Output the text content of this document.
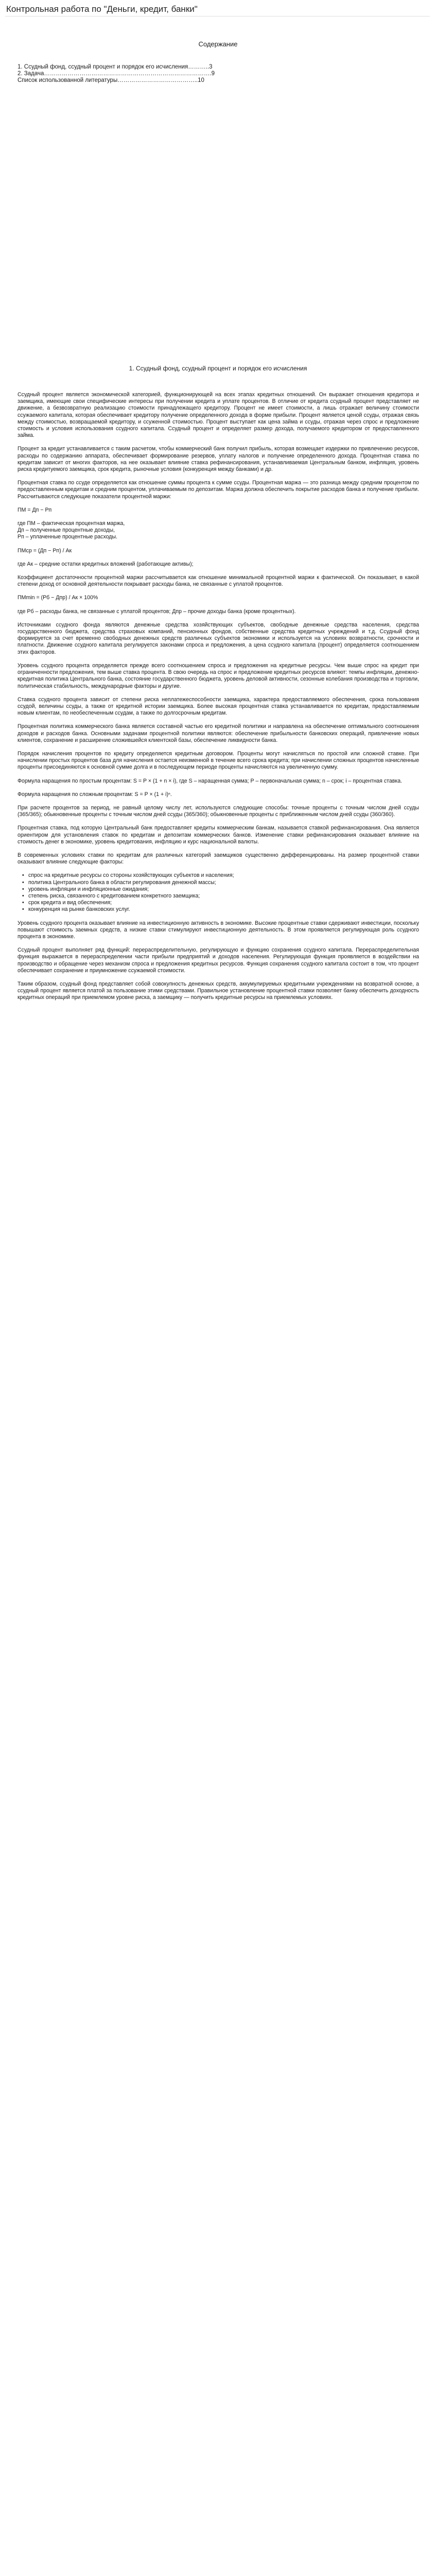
Контрольная работа по "Деньги, кредит, банки"
Содержание

1. Ссудный фонд, ссудный процент и порядок его исчисления………..3

2. Задача………………………………………………………………………….9

Список использованной литературы…………………………………..10

1. Ссудный фонд, ссудный процент и порядок его исчисления

Ссудный процент является экономической категорией, функционирующей на всех этапах кредитных отношений. Он выражает отношения кредитора и заемщика, имеющие свои специфические интересы при получении кредита и уплате процентов. В отличие от кредита ссудный процент представляет не движение, а безвозвратную реализацию стоимости принадлежащего кредитору. Процент не имеет стоимости, а лишь отражает величину стоимости ссужаемого капитала, которая обеспечивает кредитору получение определенного дохода в форме прибыли. Процент является ценой ссуды, отражая связь между стоимостью, возвращаемой кредитору, и ссуженной стоимостью. Процент выступает как цена займа и ссуды, отражая через спрос и предложение стоимость и условия использования ссудного капитала. Ссудный процент и определяет размер дохода, получаемого кредитором от предоставленного займа.

Процент за кредит устанавливается с таким расчетом, чтобы коммерческий банк получил прибыль, которая возмещает издержки по привлечению ресурсов, расходы по содержанию аппарата, обеспечивает формирование резервов, уплату налогов и получение определенного дохода. Процентная ставка по кредитам зависит от многих факторов, на нее оказывает влияние ставка рефинансирования, устанавливаемая Центральным банком, инфляция, уровень риска кредитуемого заемщика, срок кредита, рыночные условия (конкуренция между банками) и др.

Процентная ставка по ссуде определяется как отношение суммы процента к сумме ссуды. Процентная маржа — это разница между средним процентом по предоставленным кредитам и средним процентом, уплачиваемым по депозитам. Маржа должна обеспечить покрытие расходов банка и получение прибыли. Рассчитываются следующие показатели процентной маржи:

ПМ = Дп − Рп

где ПМ – фактическая процентная маржа,

Дп – полученные процентные доходы,

Рп – уплаченные процентные расходы.

ПМср = (Дп − Рп) / Ак

где Ак – средние остатки кредитных вложений (работающие активы);

Коэффициент достаточности процентной маржи рассчитывается как отношение минимальной процентной маржи к фактической. Он показывает, в какой степени доход от основной деятельности покрывает расходы банка, не связанные с уплатой процентов.

ПМmin = (Рб − Дпр) / Ак × 100%

где Рб – расходы банка, не связанные с уплатой процентов; Дпр – прочие доходы банка (кроме процентных).

Источниками ссудного фонда являются денежные средства хозяйствующих субъектов, свободные денежные средства населения, средства государственного бюджета, средства страховых компаний, пенсионных фондов, собственные средства кредитных учреждений и т.д. Ссудный фонд формируется за счет временно свободных денежных средств различных субъектов экономики и используется на условиях возвратности, срочности и платности. Движение ссудного капитала регулируется законами спроса и предложения, а цена ссудного капитала (процент) определяется соотношением этих факторов.

Уровень ссудного процента определяется прежде всего соотношением спроса и предложения на кредитные ресурсы. Чем выше спрос на кредит при ограниченности предложения, тем выше ставка процента. В свою очередь на спрос и предложение кредитных ресурсов влияют: темпы инфляции, денежно-кредитная политика Центрального банка, состояние государственного бюджета, уровень деловой активности, сезонные колебания производства и торговли, политическая стабильность, международные факторы и другие.

Ставка ссудного процента зависит от степени риска неплатежеспособности заемщика, характера предоставляемого обеспечения, срока пользования ссудой, величины ссуды, а также от кредитной истории заемщика. Более высокая процентная ставка устанавливается по кредитам, предоставляемым новым клиентам, по необеспеченным ссудам, а также по долгосрочным кредитам.

Процентная политика коммерческого банка является составной частью его кредитной политики и направлена на обеспечение оптимального соотношения доходов и расходов банка. Основными задачами процентной политики являются: обеспечение прибыльности банковских операций, привлечение новых клиентов, сохранение и расширение сложившейся клиентской базы, обеспечение ликвидности банка.

Порядок начисления процентов по кредиту определяется кредитным договором. Проценты могут начисляться по простой или сложной ставке. При начислении простых процентов база для начисления остается неизменной в течение всего срока кредита; при начислении сложных процентов начисленные проценты присоединяются к основной сумме долга и в последующем периоде проценты начисляются на увеличенную сумму.

Формула наращения по простым процентам: S = P × (1 + n × i), где S – наращенная сумма; P – первоначальная сумма; n – срок; i – процентная ставка.

Формула наращения по сложным процентам: S = P × (1 + i)ⁿ.

При расчете процентов за период, не равный целому числу лет, используются следующие способы: точные проценты с точным числом дней ссуды (365/365); обыкновенные проценты с точным числом дней ссуды (365/360); обыкновенные проценты с приближенным числом дней ссуды (360/360).

Процентная ставка, под которую Центральный банк предоставляет кредиты коммерческим банкам, называется ставкой рефинансирования. Она является ориентиром для установления ставок по кредитам и депозитам коммерческих банков. Изменение ставки рефинансирования оказывает влияние на стоимость денег в экономике, уровень кредитования, инфляцию и курс национальной валюты.

В современных условиях ставки по кредитам для различных категорий заемщиков существенно дифференцированы. На размер процентной ставки оказывают влияние следующие факторы:

• спрос на кредитные ресурсы со стороны хозяйствующих субъектов и населения;
• политика Центрального банка в области регулирования денежной массы;
• уровень инфляции и инфляционные ожидания;
• степень риска, связанного с кредитованием конкретного заемщика;
• срок кредита и вид обеспечения;
• конкуренция на рынке банковских услуг.

Уровень ссудного процента оказывает влияние на инвестиционную активность в экономике. Высокие процентные ставки сдерживают инвестиции, поскольку повышают стоимость заемных средств, а низкие ставки стимулируют инвестиционную деятельность. В этом проявляется регулирующая роль ссудного процента в экономике.

Ссудный процент выполняет ряд функций: перераспределительную, регулирующую и функцию сохранения ссудного капитала. Перераспределительная функция выражается в перераспределении части прибыли предприятий и доходов населения. Регулирующая функция проявляется в воздействии на производство и обращение через механизм спроса и предложения кредитных ресурсов. Функция сохранения ссудного капитала состоит в том, что процент обеспечивает сохранение и приумножение ссужаемой стоимости.

Таким образом, ссудный фонд представляет собой совокупность денежных средств, аккумулируемых кредитными учреждениями на возвратной основе, а ссудный процент является платой за пользование этими средствами. Правильное установление процентной ставки позволяет банку обеспечить доходность кредитных операций при приемлемом уровне риска, а заемщику — получить кредитные ресурсы на приемлемых условиях.
